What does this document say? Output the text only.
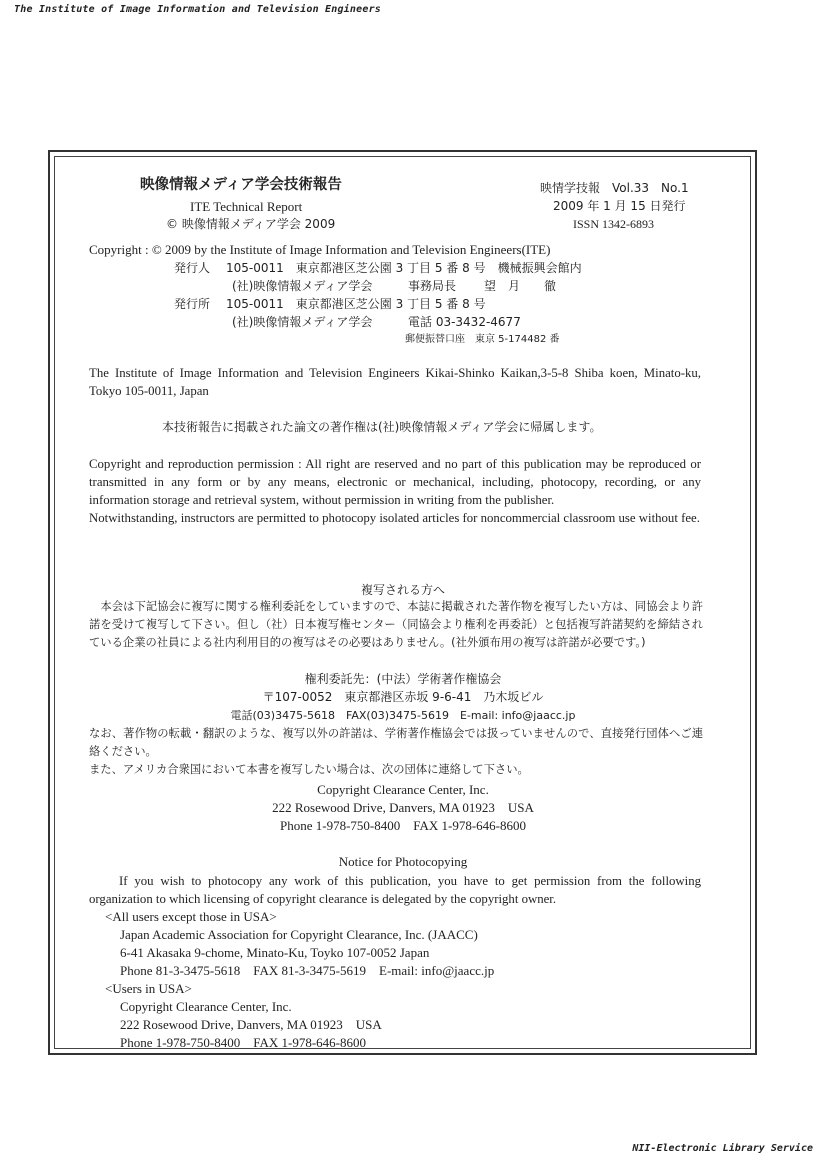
The Institute of Image Information and Television Engineers
映像情報メディア学会技術報告
ITE Technical Report
© 映像情報メディア学会 2009
映情学技報　Vol.33　No.1
2009 年 1 月 15 日発行
ISSN 1342-6893
Copyright : © 2009 by the Institute of Image Information and Television Engineers(ITE)
発行人 105-0011　東京都港区芝公園 3 丁目 5 番 8 号　機械振興会館内
(社)映像情報メディア学会	事務局長 望　月　　徹
発行所 105-0011　東京都港区芝公園 3 丁目 5 番 8 号
(社)映像情報メディア学会	電話 03-3432-4677
郵便振替口座　東京 5-174482 番
The Institute of Image Information and Television Engineers Kikai-Shinko Kaikan,3-5-8 Shiba koen, Minato-ku, Tokyo 105-0011, Japan
本技術報告に掲載された論文の著作権は(社)映像情報メディア学会に帰属します。

Copyright and reproduction permission : All right are reserved and no part of this publication may be reproduced or transmitted in any form or by any means, electronic or mechanical, including, photocopy, recording, or any information storage and retrieval system, without permission in writing from the publisher.

Notwithstanding, instructors are permitted to photocopy isolated articles for noncommercial classroom use without fee.

複写される方へ
　本会は下記協会に複写に関する権利委託をしていますので、本誌に掲載された著作物を複写したい方は、同協会より許諾を受けて複写して下さい。但し（社）日本複写権センター（同協会より権利を再委託）と包括複写許諾契約を締結されている企業の社員による社内利用目的の複写はその必要はありません。(社外頒布用の複写は許諾が必要です。)
権利委託先：(中法）学術著作権協会
〒107-0052　東京都港区赤坂 9-6-41　乃木坂ビル
電話(03)3475-5618　FAX(03)3475-5619　E-mail: info@jaacc.jp
なお、著作物の転載・翻訳のような、複写以外の許諾は、学術著作権協会では扱っていませんので、直接発行団体へご連絡ください。
また、アメリカ合衆国において本書を複写したい場合は、次の団体に連絡して下さい。
Copyright Clearance Center, Inc.
222 Rosewood Drive, Danvers, MA 01923　USA
Phone 1-978-750-8400　FAX 1-978-646-8600
Notice for Photocopying
If you wish to photocopy any work of this publication, you have to get permission from the following organization to which licensing of copyright clearance is delegated by the copyright owner.
<All users except those in USA>
Japan Academic Association for Copyright Clearance, Inc. (JAACC)
6-41 Akasaka 9-chome, Minato-Ku, Toyko 107-0052 Japan
Phone 81-3-3475-5618　FAX 81-3-3475-5619　E-mail: info@jaacc.jp
<Users in USA>
Copyright Clearance Center, Inc.
222 Rosewood Drive, Danvers, MA 01923　USA
Phone 1-978-750-8400　FAX 1-978-646-8600
NII-Electronic Library Service
